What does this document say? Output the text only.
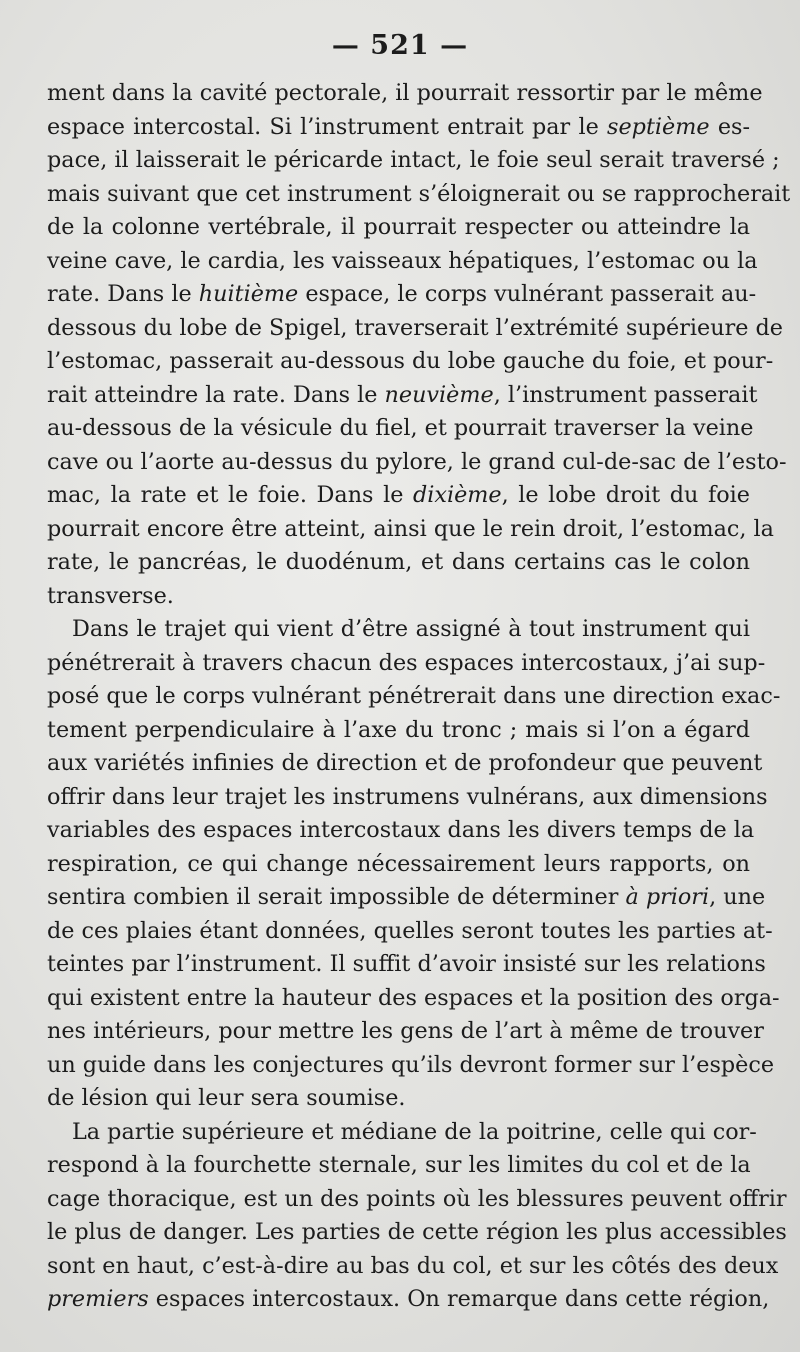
— 521 —
ment dans la cavité pectorale, il pourrait ressortir par le même
espace intercostal. Si l’instrument entrait par le septième es-
pace, il laisserait le péricarde intact, le foie seul serait traversé ;
mais suivant que cet instrument s’éloignerait ou se rapprocherait
de la colonne vertébrale, il pourrait respecter ou atteindre la
veine cave, le cardia, les vaisseaux hépatiques, l’estomac ou la
rate. Dans le huitième espace, le corps vulnérant passerait au-
dessous du lobe de Spigel, traverserait l’extrémité supérieure de
l’estomac, passerait au-dessous du lobe gauche du foie, et pour-
rait atteindre la rate. Dans le neuvième, l’instrument passerait
au-dessous de la vésicule du fiel, et pourrait traverser la veine
cave ou l’aorte au-dessus du pylore, le grand cul-de-sac de l’esto-
mac, la rate et le foie. Dans le dixième, le lobe droit du foie
pourrait encore être atteint, ainsi que le rein droit, l’estomac, la
rate, le pancréas, le duodénum, et dans certains cas le colon
transverse.
Dans le trajet qui vient d’être assigné à tout instrument qui
pénétrerait à travers chacun des espaces intercostaux, j’ai sup-
posé que le corps vulnérant pénétrerait dans une direction exac-
tement perpendiculaire à l’axe du tronc ; mais si l’on a égard
aux variétés infinies de direction et de profondeur que peuvent
offrir dans leur trajet les instrumens vulnérans, aux dimensions
variables des espaces intercostaux dans les divers temps de la
respiration, ce qui change nécessairement leurs rapports, on
sentira combien il serait impossible de déterminer à priori, une
de ces plaies étant données, quelles seront toutes les parties at-
teintes par l’instrument. Il suffit d’avoir insisté sur les relations
qui existent entre la hauteur des espaces et la position des orga-
nes intérieurs, pour mettre les gens de l’art à même de trouver
un guide dans les conjectures qu’ils devront former sur l’espèce
de lésion qui leur sera soumise.
La partie supérieure et médiane de la poitrine, celle qui cor-
respond à la fourchette sternale, sur les limites du col et de la
cage thoracique, est un des points où les blessures peuvent offrir
le plus de danger. Les parties de cette région les plus accessibles
sont en haut, c’est-à-dire au bas du col, et sur les côtés des deux
premiers espaces intercostaux. On remarque dans cette région,
